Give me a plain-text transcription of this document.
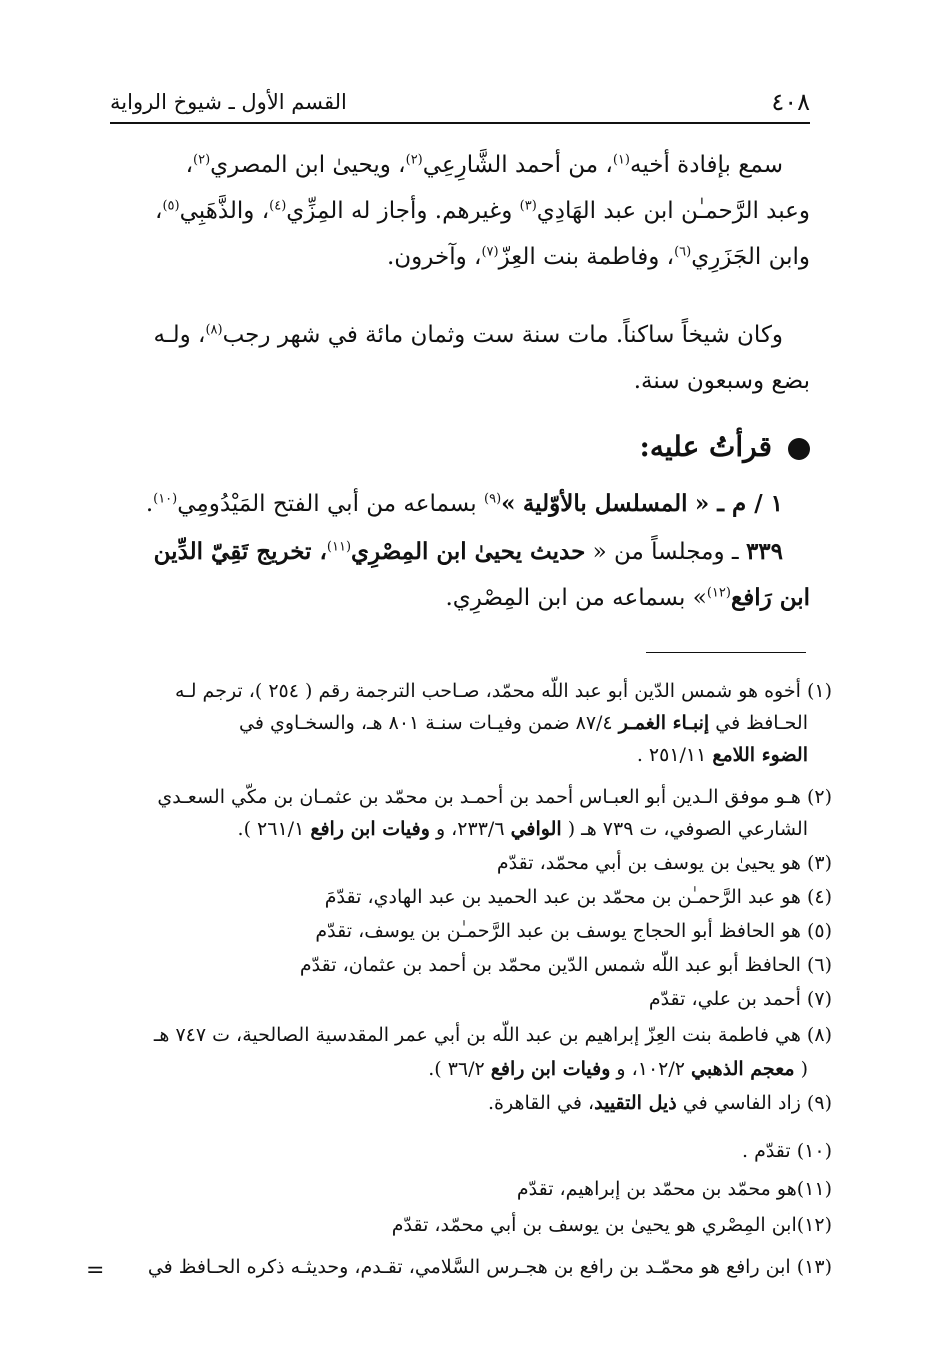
٤٠٨
القسم الأول ـ شيوخ الرواية
سمع بإفادة أخيه$^{(١)}$، من أحمد الشَّارِعِي$^{(٢)}$، ويحيىٰ ابن المصري$^{(٢)}$،
وعبد الرَّحمـٰن ابن عبد الهَادِي$^{(٣)}$ وغيرهم. وأجاز له المِزِّي$^{(٤)}$، والذَّهَبِي$^{(٥)}$،
وابن الجَزَرِي$^{(٦)}$، وفاطمة بنت العِزّ$^{(٧)}$، وآخرون.
وكان شيخاً ساكناً. مات سنة ست وثمان مائة في شهر رجب$^{(٨)}$، ولـه
بضع وسبعون سنة.
قرأتُ عليه:
١ / م ـ « المسلسل بالأوّلية »$^{(٩)}$ بسماعه من أبي الفتح المَيْدُومِي$^{(١٠)}$.
٣٣٩ ـ ومجلساً من « حديث يحيىٰ ابن المِصْرِي$^{(١١)}$، تخريج تَقِيّ الدِّين
ابن رَافع$^{(١٢)}$» بسماعه من ابن المِصْرِي.
(١) أخوه هو شمس الدّين أبو عبد اللّه محمّد، صـاحب الترجمة رقم ( ٢٥٤ )، ترجم لـه
الحـافظ في إنبـاء الغمـر ٨٧/٤ ضمن وفيـات سنـة ٨٠١ هـ، والسخـاوي في
الضوء اللامع ٢٥١/١١ .
(٢) هـو موفق الـدين أبو العبـاس أحمد بن أحمـد بن محمّد بن عثمـان بن مكّي السعـدي
الشارعي الصوفي، ت ٧٣٩ هـ ( الوافي ٢٣٣/٦، و وفيات ابن رافع ٢٦١/١ ).
(٣) هو يحيىٰ بن يوسف بن أبي محمّد، تقدّم
(٤) هو عبد الرَّحمـٰن بن محمّد بن عبد الحميد بن عبد الهادي، تقدّمَ
(٥) هو الحافظ أبو الحجاج يوسف بن عبد الرَّحمـٰن بن يوسف، تقدّم
(٦) الحافظ أبو عبد اللّه شمس الدّين محمّد بن أحمد بن عثمان، تقدّم
(٧) أحمد بن علي، تقدّم
(٨) هي فاطمة بنت العِزّ إبراهيم بن عبد اللّه بن أبي عمر المقدسية الصالحية، ت ٧٤٧ هـ
( معجم الذهبي ١٠٢/٢، و وفيات ابن رافع ٣٦/٢ ).
(٩) زاد الفاسي في ذيل التقييد، في القاهرة.
(١٠) تقدّم .
(١١)هو محمّد بن محمّد بن إبراهيم، تقدّم
(١٢)ابن المِصْري هو يحيىٰ بن يوسف بن أبي محمّد، تقدّم
(١٣) ابن رافع هو محمّـد بن رافع بن هجـرس السَّلامي، تقـدم، وحديثـه ذكره الحـافظ في
=
